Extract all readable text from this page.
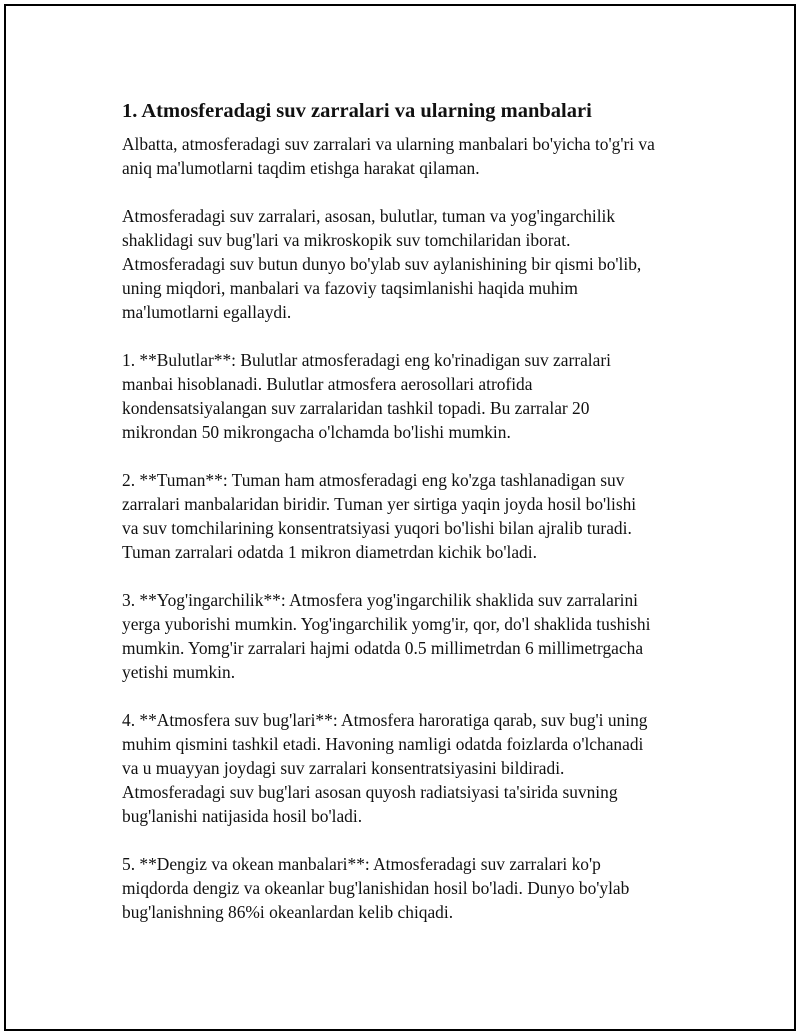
1. Atmosferadagi suv zarralari va ularning manbalari

Albatta, atmosferadagi suv zarralari va ularning manbalari bo'yicha to'g'ri va
aniq ma'lumotlarni taqdim etishga harakat qilaman.

Atmosferadagi suv zarralari, asosan, bulutlar, tuman va yog'ingarchilik
shaklidagi suv bug'lari va mikroskopik suv tomchilaridan iborat.
Atmosferadagi suv butun dunyo bo'ylab suv aylanishining bir qismi bo'lib,
uning miqdori, manbalari va fazoviy taqsimlanishi haqida muhim
ma'lumotlarni egallaydi.

1. **Bulutlar**: Bulutlar atmosferadagi eng ko'rinadigan suv zarralari
manbai hisoblanadi. Bulutlar atmosfera aerosollari atrofida
kondensatsiyalangan suv zarralaridan tashkil topadi. Bu zarralar 20
mikrondan 50 mikrongacha o'lchamda bo'lishi mumkin.

2. **Tuman**: Tuman ham atmosferadagi eng ko'zga tashlanadigan suv
zarralari manbalaridan biridir. Tuman yer sirtiga yaqin joyda hosil bo'lishi
va suv tomchilarining konsentratsiyasi yuqori bo'lishi bilan ajralib turadi.
Tuman zarralari odatda 1 mikron diametrdan kichik bo'ladi.

3. **Yog'ingarchilik**: Atmosfera yog'ingarchilik shaklida suv zarralarini
yerga yuborishi mumkin. Yog'ingarchilik yomg'ir, qor, do'l shaklida tushishi
mumkin. Yomg'ir zarralari hajmi odatda 0.5 millimetrdan 6 millimetrgacha
yetishi mumkin.

4. **Atmosfera suv bug'lari**: Atmosfera haroratiga qarab, suv bug'i uning
muhim qismini tashkil etadi. Havoning namligi odatda foizlarda o'lchanadi
va u muayyan joydagi suv zarralari konsentratsiyasini bildiradi.
Atmosferadagi suv bug'lari asosan quyosh radiatsiyasi ta'sirida suvning
bug'lanishi natijasida hosil bo'ladi.

5. **Dengiz va okean manbalari**: Atmosferadagi suv zarralari ko'p
miqdorda dengiz va okeanlar bug'lanishidan hosil bo'ladi. Dunyo bo'ylab
bug'lanishning 86%i okeanlardan kelib chiqadi.
